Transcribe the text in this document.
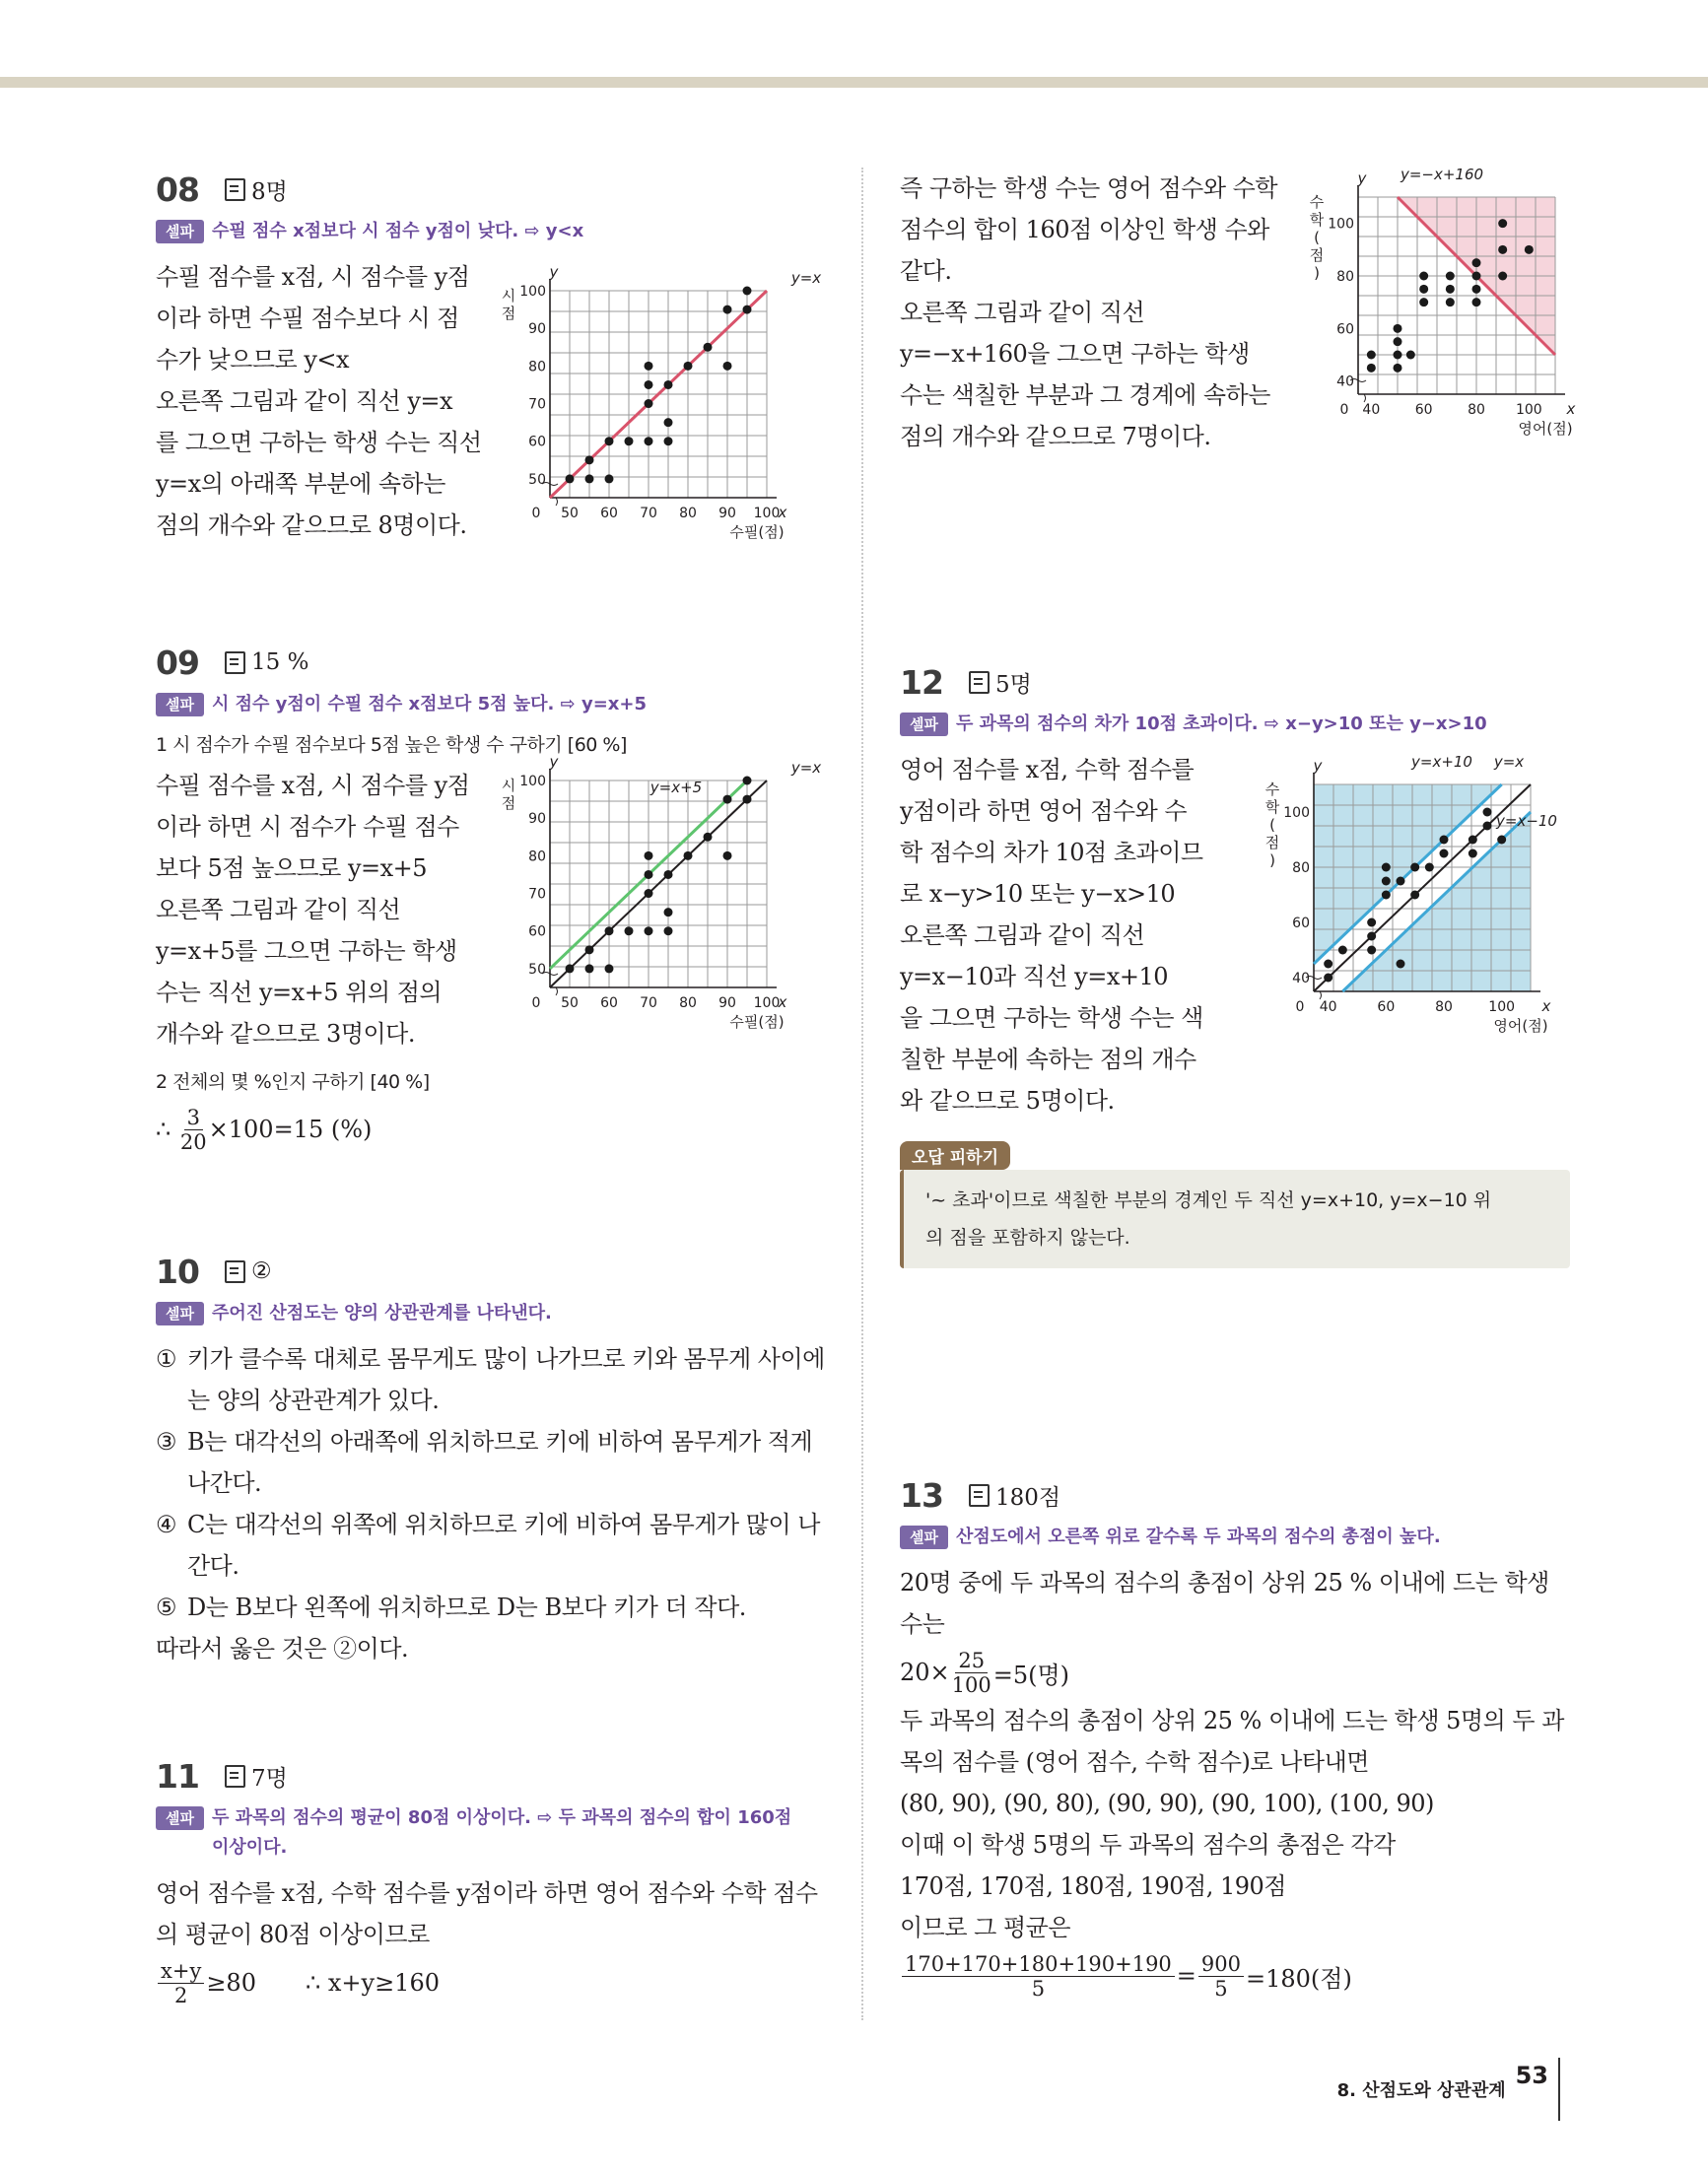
08	8명
셀파	수필 점수 x점보다 시 점수 y점이 낮다. ⇨ y<x
수필 점수를 x점, 시 점수를 y점
이라 하면 수필 점수보다 시 점
수가 낮으므로 y<x
오른쪽 그림과 같이 직선 y=x
를 그으면 구하는 학생 수는 직선
y=x의 아래쪽 부분에 속하는
점의 개수와 같으므로 8명이다.	50 60 70 80 90 100
50
60
70
80
90
100
0	x
y
수필(점)
시
점
y=x
09	15 %
셀파	시 점수 y점이 수필 점수 x점보다 5점 높다. ⇨ y=x+5
1 시 점수가 수필 점수보다 5점 높은 학생 수 구하기 [60 %]
수필 점수를 x점, 시 점수를 y점
이라 하면 시 점수가 수필 점수
보다 5점 높으므로 y=x+5
오른쪽 그림과 같이 직선
y=x+5를 그으면 구하는 학생
수는 직선 y=x+5 위의 점의
개수와 같으므로 3명이다.
2 전체의 몇 %인지 구하기 [40 %]
∴
$\frac{3}{20} \times 100=15$ (%)
50 60 70 80 90 100
50
60
70
80
90
100
0	x
y
수필(점)
시
점
y=x+5
y=x
10	②
셀파	주어진 산점도는 양의 상관관계를 나타낸다.
① 키가 클수록 대체로 몸무게도 많이 나가므로 키와 몸무게 사이에는 양의 상관관계가 있다.
③ B는 대각선의 아래쪽에 위치하므로 키에 비하여 몸무게가 적게 나간다.
④ C는 대각선의 위쪽에 위치하므로 키에 비하여 몸무게가 많이 나간다.
⑤ D는 B보다 왼쪽에 위치하므로 D는 B보다 키가 더 작다.
따라서 옳은 것은 ②이다.
11	7명
셀파	두 과목의 점수의 평균이 80점 이상이다. ⇨ 두 과목의 점수의 합이 160점 이상이다.
영어 점수를 x점, 수학 점수를 y점이라 하면 영어 점수와 수학 점수
의 평균이 80점 이상이므로
$\frac{x+y}{2} \ge 80$ ∴ x+y≥160
즉 구하는 학생 수는 영어 점수와 수학
점수의 합이 160점 이상인 학생 수와
같다.
오른쪽 그림과 같이 직선
y=−x+160을 그으면 구하는 학생
수는 색칠한 부분과 그 경계에 속하는
점의 개수와 같으므로 7명이다.
40	60	80 100
40
60
80
100
0	x
y
영어(점)
수
학
(
점
)
y=−x+160
12	5명
셀파	두 과목의 점수의 차가 10점 초과이다. ⇨ x−y>10 또는 y−x>10
영어 점수를 x점, 수학 점수를
y점이라 하면 영어 점수와 수
학 점수의 차가 10점 초과이므
로 x−y>10 또는 y−x>10
오른쪽 그림과 같이 직선
y=x−10과 직선 y=x+10
을 그으면 구하는 학생 수는 색
칠한 부분에 속하는 점의 개수
와 같으므로 5명이다.
40	60	80	100
40
60
80
100
0	x
y
영어(점)
수
학
(
점
)
y=x+10 y=x
y=x−10
오답 피하기
'~ 초과'이므로 색칠한 부분의 경계인 두 직선 y=x+10, y=x−10 위
의 점을 포함하지 않는다.
13	180점
셀파	산점도에서 오른쪽 위로 갈수록 두 과목의 점수의 총점이 높다.
20명 중에 두 과목의 점수의 총점이 상위 25 % 이내에 드는 학생
수는
$20\times \frac{25}{100} =5$(명)
두 과목의 점수의 총점이 상위 25 % 이내에 드는 학생 5명의 두 과
목의 점수를 (영어 점수, 수학 점수)로 나타내면
(80, 90), (90, 80), (90, 90), (90, 100), (100, 90)
이때 이 학생 5명의 두 과목의 점수의 총점은 각각
170점, 170점, 180점, 190점, 190점
이므로 그 평균은
$\frac{170+170+180+190+190}{5} = \frac{900}{5} =180$(점)
8. 산점도와 상관관계
53
